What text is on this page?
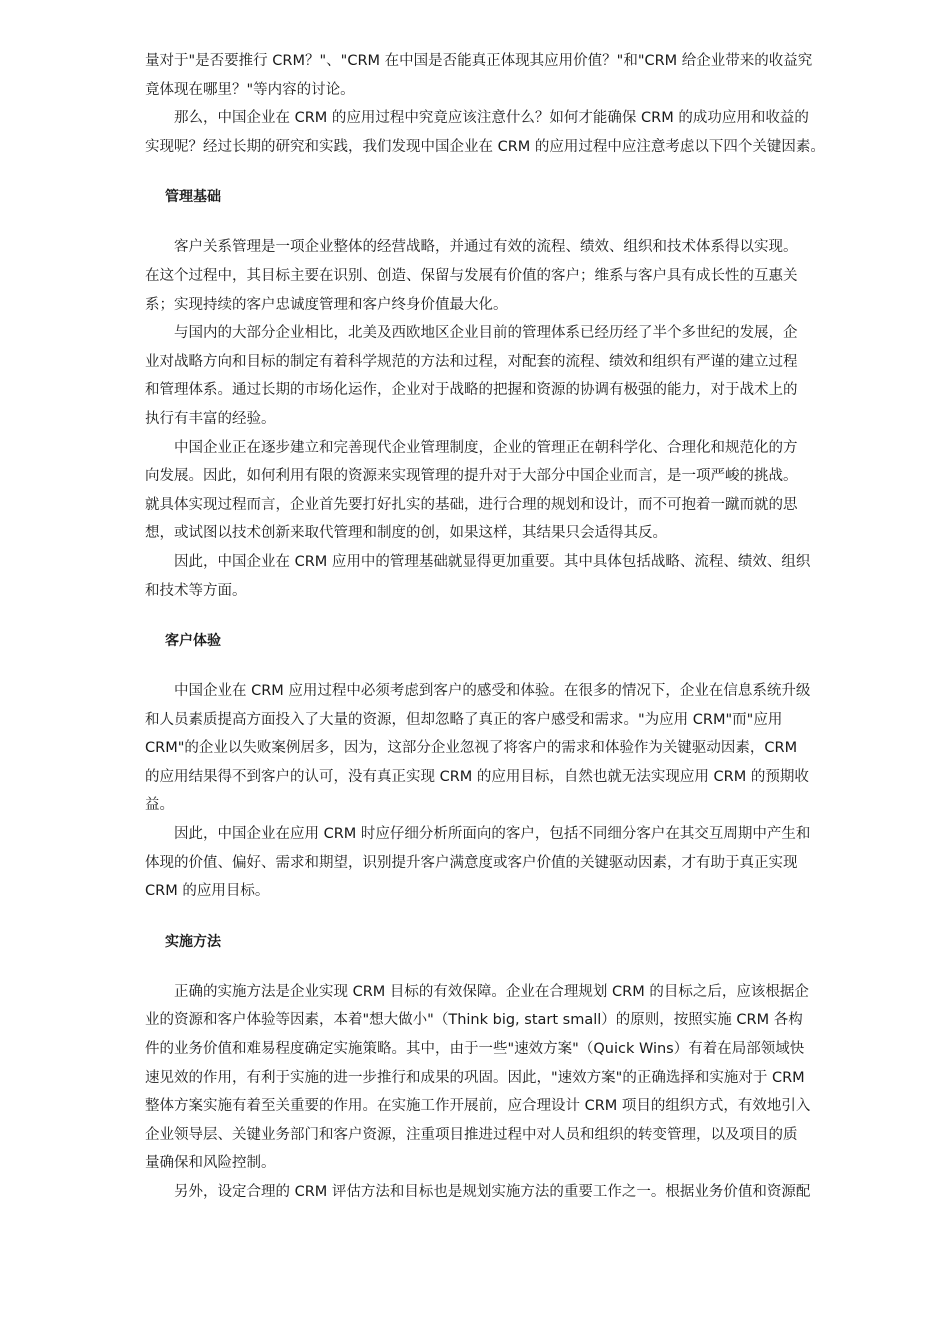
量对于"是否要推行 CRM？"、"CRM 在中国是否能真正体现其应用价值？"和"CRM 给企业带来的收益究
竟体现在哪里？"等内容的讨论。
那么，中国企业在 CRM 的应用过程中究竟应该注意什么？如何才能确保 CRM 的成功应用和收益的
实现呢？经过长期的研究和实践，我们发现中国企业在 CRM 的应用过程中应注意考虑以下四个关键因素。
管理基础
客户关系管理是一项企业整体的经营战略，并通过有效的流程、绩效、组织和技术体系得以实现。
在这个过程中，其目标主要在识别、创造、保留与发展有价值的客户；维系与客户具有成长性的互惠关
系；实现持续的客户忠诚度管理和客户终身价值最大化。
与国内的大部分企业相比，北美及西欧地区企业目前的管理体系已经历经了半个多世纪的发展，企
业对战略方向和目标的制定有着科学规范的方法和过程，对配套的流程、绩效和组织有严谨的建立过程
和管理体系。通过长期的市场化运作，企业对于战略的把握和资源的协调有极强的能力，对于战术上的
执行有丰富的经验。
中国企业正在逐步建立和完善现代企业管理制度，企业的管理正在朝科学化、合理化和规范化的方
向发展。因此，如何利用有限的资源来实现管理的提升对于大部分中国企业而言，是一项严峻的挑战。
就具体实现过程而言，企业首先要打好扎实的基础，进行合理的规划和设计，而不可抱着一蹴而就的思
想，或试图以技术创新来取代管理和制度的创，如果这样，其结果只会适得其反。
因此，中国企业在 CRM 应用中的管理基础就显得更加重要。其中具体包括战略、流程、绩效、组织
和技术等方面。
客户体验
中国企业在 CRM 应用过程中必须考虑到客户的感受和体验。在很多的情况下，企业在信息系统升级
和人员素质提高方面投入了大量的资源，但却忽略了真正的客户感受和需求。"为应用 CRM"而"应用
CRM"的企业以失败案例居多，因为，这部分企业忽视了将客户的需求和体验作为关键驱动因素，CRM
的应用结果得不到客户的认可，没有真正实现 CRM 的应用目标，自然也就无法实现应用 CRM 的预期收
益。
因此，中国企业在应用 CRM 时应仔细分析所面向的客户，包括不同细分客户在其交互周期中产生和
体现的价值、偏好、需求和期望，识别提升客户满意度或客户价值的关键驱动因素，才有助于真正实现
CRM 的应用目标。
实施方法
正确的实施方法是企业实现 CRM 目标的有效保障。企业在合理规划 CRM 的目标之后，应该根据企
业的资源和客户体验等因素，本着"想大做小"（Think big, start small）的原则，按照实施 CRM 各构
件的业务价值和难易程度确定实施策略。其中，由于一些"速效方案"（Quick Wins）有着在局部领域快
速见效的作用，有利于实施的进一步推行和成果的巩固。因此，"速效方案"的正确选择和实施对于 CRM
整体方案实施有着至关重要的作用。在实施工作开展前，应合理设计 CRM 项目的组织方式，有效地引入
企业领导层、关键业务部门和客户资源，注重项目推进过程中对人员和组织的转变管理，以及项目的质
量确保和风险控制。
另外，设定合理的 CRM 评估方法和目标也是规划实施方法的重要工作之一。根据业务价值和资源配
